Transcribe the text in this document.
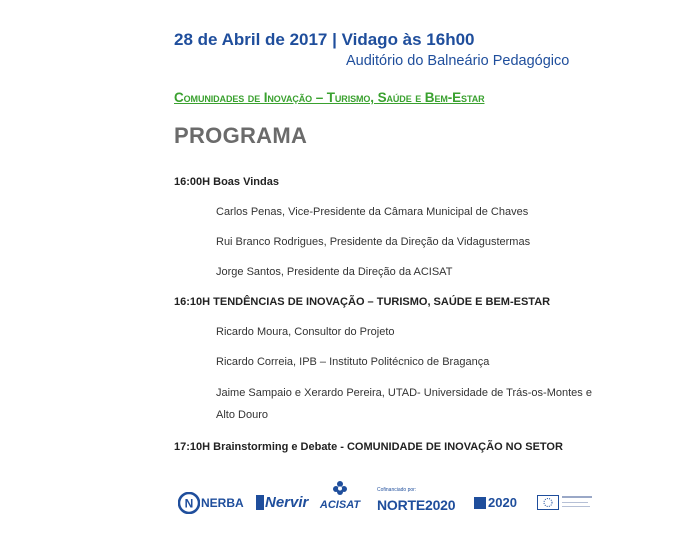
28 de Abril de 2017 | Vidago às 16h00
Auditório do Balneário Pedagógico
Comunidades de Inovação – Turismo, Saúde e Bem-Estar
PROGRAMA
16:00H Boas Vindas
Carlos Penas, Vice-Presidente da Câmara Municipal de Chaves
Rui Branco Rodrigues, Presidente da Direção da Vidagustermas
Jorge Santos, Presidente da Direção da ACISAT
16:10H TENDÊNCIAS DE INOVAÇÃO – TURISMO, SAÚDE E BEM-ESTAR
Ricardo Moura, Consultor do Projeto
Ricardo Correia, IPB – Instituto Politécnico de Bragança
Jaime Sampaio e Xerardo Pereira, UTAD- Universidade de Trás-os-Montes e Alto Douro
17:10H Brainstorming e Debate - COMUNIDADE DE INOVAÇÃO NO SETOR
N NERBA Nervir	ACISAT
Cofinanciado por:
NORTE2020	2020
